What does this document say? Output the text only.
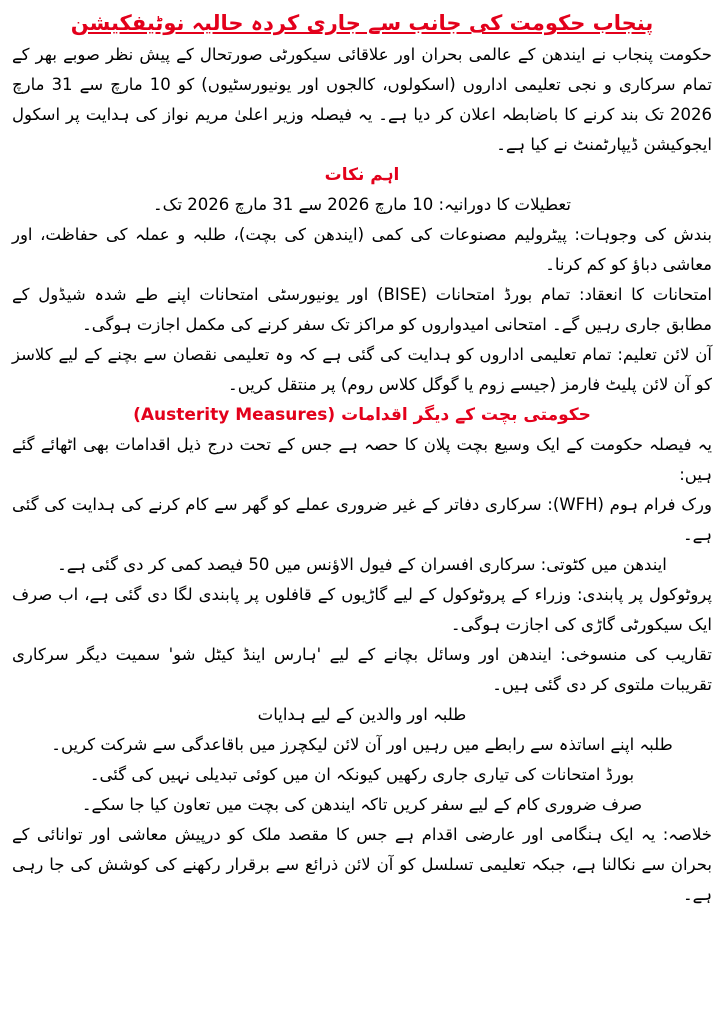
پنجاب حکومت کی جانب سے جاری کردہ حالیہ نوٹیفکیشن

حکومت پنجاب نے ایندھن کے عالمی بحران اور علاقائی سیکورٹی صورتحال کے پیش نظر صوبے بھر کے تمام سرکاری و نجی تعلیمی اداروں (اسکولوں، کالجوں اور یونیورسٹیوں) کو 10 مارچ سے 31 مارچ 2026 تک بند کرنے کا باضابطہ اعلان کر دیا ہے۔ یہ فیصلہ وزیر اعلیٰ مریم نواز کی ہدایت پر اسکول ایجوکیشن ڈیپارٹمنٹ نے کیا ہے۔

اہم نکات

تعطیلات کا دورانیہ: 10 مارچ 2026 سے 31 مارچ 2026 تک۔

بندش کی وجوہات: پیٹرولیم مصنوعات کی کمی (ایندھن کی بچت)، طلبہ و عملہ کی حفاظت، اور معاشی دباؤ کو کم کرنا۔

امتحانات کا انعقاد: تمام بورڈ امتحانات (BISE) اور یونیورسٹی امتحانات اپنے طے شدہ شیڈول کے مطابق جاری رہیں گے۔ امتحانی امیدواروں کو مراکز تک سفر کرنے کی مکمل اجازت ہوگی۔

آن لائن تعلیم: تمام تعلیمی اداروں کو ہدایت کی گئی ہے کہ وہ تعلیمی نقصان سے بچنے کے لیے کلاسز کو آن لائن پلیٹ فارمز (جیسے زوم یا گوگل کلاس روم) پر منتقل کریں۔

حکومتی بچت کے دیگر اقدامات (Austerity Measures)

یہ فیصلہ حکومت کے ایک وسیع بچت پلان کا حصہ ہے جس کے تحت درج ذیل اقدامات بھی اٹھائے گئے ہیں:

ورک فرام ہوم (WFH): سرکاری دفاتر کے غیر ضروری عملے کو گھر سے کام کرنے کی ہدایت کی گئی ہے۔

ایندھن میں کٹوتی: سرکاری افسران کے فیول الاؤنس میں 50 فیصد کمی کر دی گئی ہے۔

پروٹوکول پر پابندی: وزراء کے پروٹوکول کے لیے گاڑیوں کے قافلوں پر پابندی لگا دی گئی ہے، اب صرف ایک سیکورٹی گاڑی کی اجازت ہوگی۔

تقاریب کی منسوخی: ایندھن اور وسائل بچانے کے لیے 'ہارس اینڈ کیٹل شو' سمیت دیگر سرکاری تقریبات ملتوی کر دی گئی ہیں۔

طلبہ اور والدین کے لیے ہدایات

طلبہ اپنے اساتذہ سے رابطے میں رہیں اور آن لائن لیکچرز میں باقاعدگی سے شرکت کریں۔

بورڈ امتحانات کی تیاری جاری رکھیں کیونکہ ان میں کوئی تبدیلی نہیں کی گئی۔

صرف ضروری کام کے لیے سفر کریں تاکہ ایندھن کی بچت میں تعاون کیا جا سکے۔

خلاصہ: یہ ایک ہنگامی اور عارضی اقدام ہے جس کا مقصد ملک کو درپیش معاشی اور توانائی کے بحران سے نکالنا ہے، جبکہ تعلیمی تسلسل کو آن لائن ذرائع سے برقرار رکھنے کی کوشش کی جا رہی ہے۔
